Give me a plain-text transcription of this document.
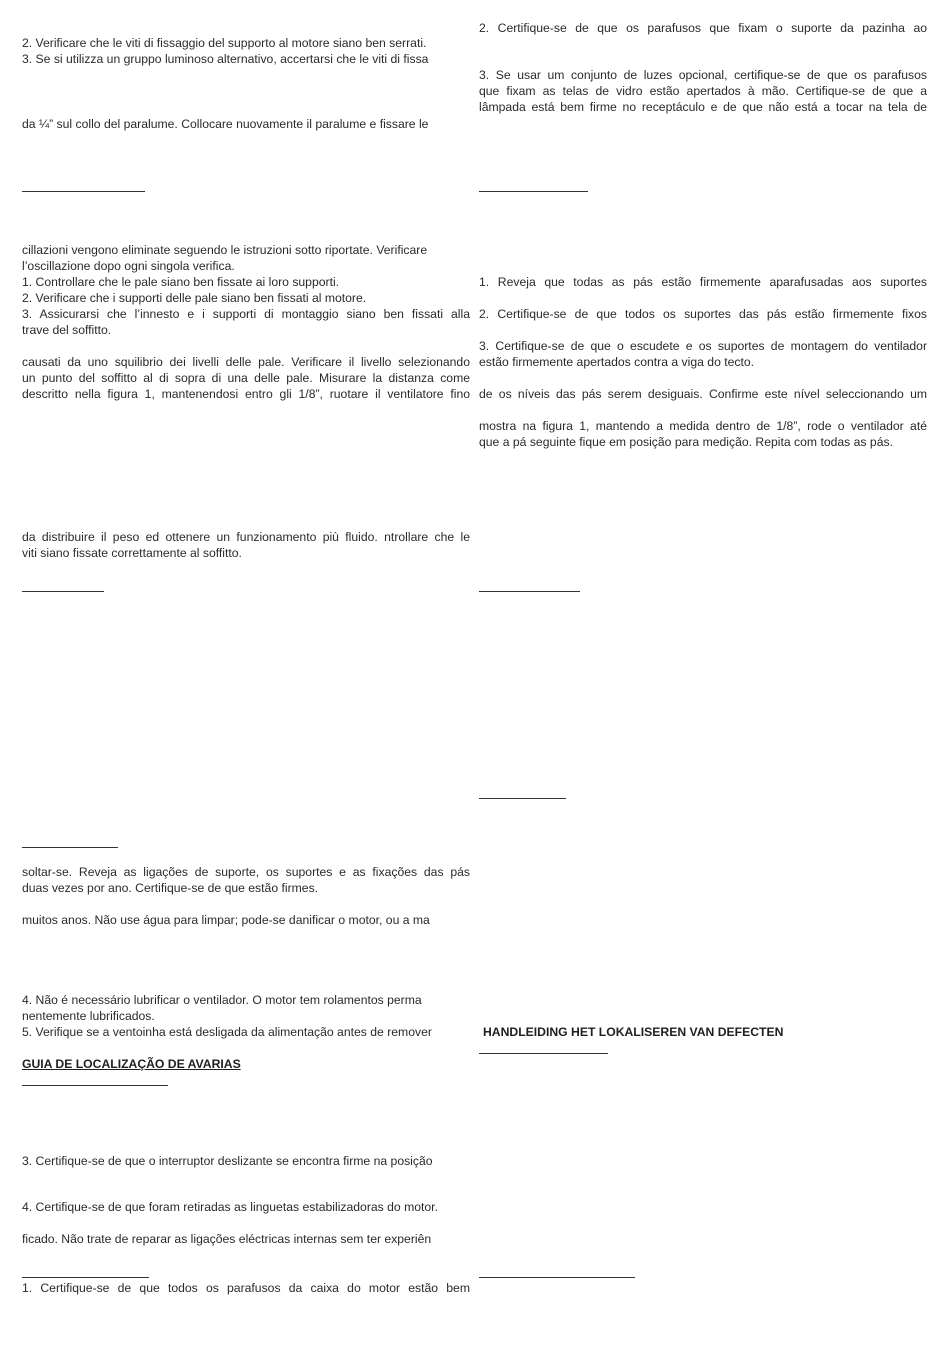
2. Verificare che le viti di fissaggio del supporto al motore siano ben serrati.

3. Se si utilizza un gruppo luminoso alternativo, accertarsi che le viti di fissa

da ¼” sul collo del paralume. Collocare nuovamente il paralume e fissare le

cillazioni vengono eliminate seguendo le istruzioni sotto riportate. Verificare

l’oscillazione dopo ogni singola verifica.

1. Controllare che le pale siano ben fissate ai loro supporti.

2. Verificare che i supporti delle pale siano ben fissati al motore.

3. Assicurarsi che l’innesto e i supporti di montaggio siano ben fissati alla

trave del soffitto.

causati da uno squilibrio dei livelli delle pale. Verificare il livello selezionando

un punto del soffitto al di sopra di una delle pale. Misurare la distanza come

descritto nella figura 1, mantenendosi entro gli 1/8”, ruotare il ventilatore fino

da distribuire il peso ed ottenere un funzionamento più fluido. ntrollare che le

viti siano fissate correttamente al soffitto.

soltar-se. Reveja as ligações de suporte, os suportes e as fixações das pás

duas vezes por ano. Certifique-se de que estão firmes.

muitos anos. Não use água para limpar; pode-se danificar o motor, ou a ma

4. Não é necessário lubrificar o ventilador. O motor tem rolamentos perma

nentemente lubrificados.

5. Verifique se a ventoinha está desligada da alimentação antes de remover

GUIA DE LOCALIZAÇÃO DE AVARIAS

3. Certifique-se de que o interruptor deslizante se encontra firme na posição

4. Certifique-se de que foram retiradas as linguetas estabilizadoras do motor.

ficado. Não trate de reparar as ligações eléctricas internas sem ter experiên

1. Certifique-se de que todos os parafusos da caixa do motor estão bem

2. Certifique-se de que os parafusos que fixam o suporte da pazinha ao

3. Se usar um conjunto de luzes opcional, certifique-se de que os parafusos

que fixam as telas de vidro estão apertados à mão. Certifique-se de que a

lâmpada está bem firme no receptáculo e de que não está a tocar na tela de

1. Reveja que todas as pás estão firmemente aparafusadas aos suportes

2. Certifique-se de que todos os suportes das pás estão firmemente fixos

3. Certifique-se de que o escudete e os suportes de montagem do ventilador

estão firmemente apertados contra a viga do tecto.

de os níveis das pás serem desiguais. Confirme este nível seleccionando um

mostra na figura 1, mantendo a medida dentro de 1/8”, rode o ventilador até

que a pá seguinte fique em posição para medição. Repita com todas as pás.

HANDLEIDING HET LOKALISEREN VAN DEFECTEN
